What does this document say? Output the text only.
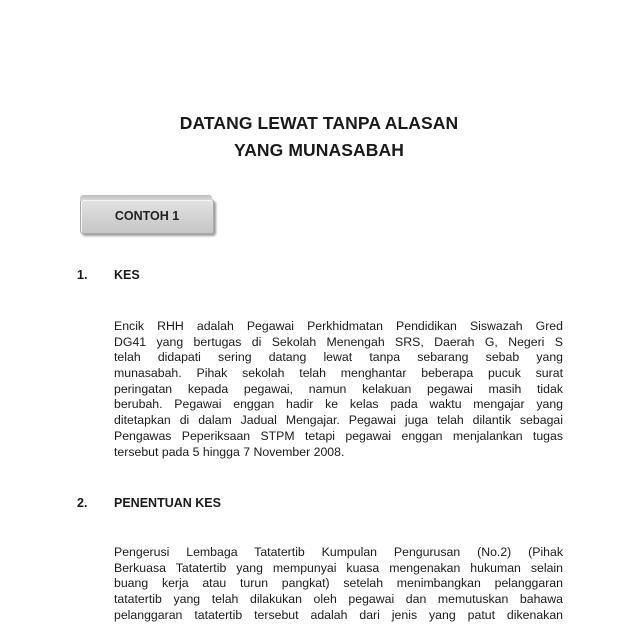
DATANG LEWAT TANPA ALASAN
YANG MUNASABAH
CONTOH 1
1. KES
Encik RHH adalah Pegawai Perkhidmatan Pendidikan Siswazah Gred
DG41 yang bertugas di Sekolah Menengah SRS, Daerah G, Negeri S
telah didapati sering datang lewat tanpa sebarang sebab yang
munasabah. Pihak sekolah telah menghantar beberapa pucuk surat
peringatan kepada pegawai, namun kelakuan pegawai masih tidak
berubah. Pegawai enggan hadir ke kelas pada waktu mengajar yang
ditetapkan di dalam Jadual Mengajar. Pegawai juga telah dilantik sebagai
Pengawas Peperiksaan STPM tetapi pegawai enggan menjalankan tugas
tersebut pada 5 hingga 7 November 2008.
2. PENENTUAN KES
Pengerusi Lembaga Tatatertib Kumpulan Pengurusan (No.2) (Pihak
Berkuasa Tatatertib yang mempunyai kuasa mengenakan hukuman selain
buang kerja atau turun pangkat) setelah menimbangkan pelanggaran
tatatertib yang telah dilakukan oleh pegawai dan memutuskan bahawa
pelanggaran tatatertib tersebut adalah dari jenis yang patut dikenakan
